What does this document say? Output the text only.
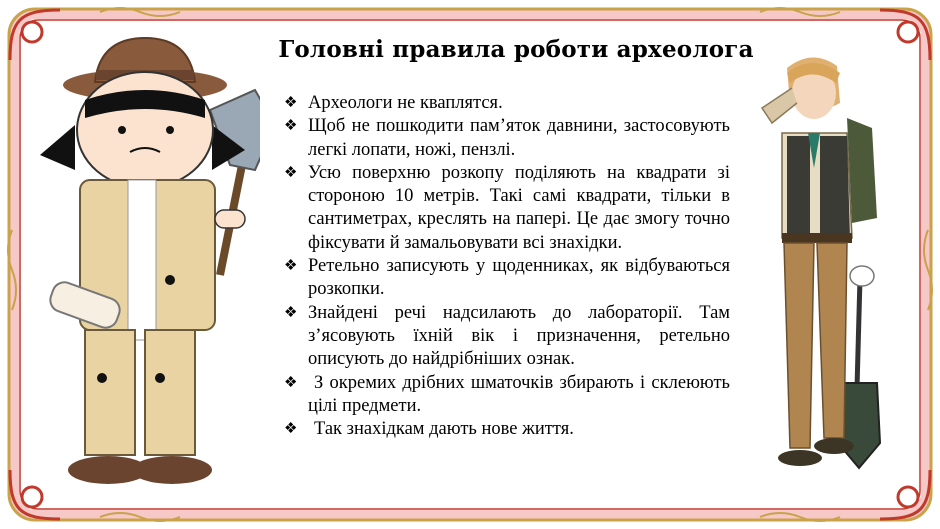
Головні правила роботи археолога
❖ Археологи не кваплятся.
❖ Щоб не пошкодити пам’яток давнини, застосовують легкі лопати, ножі, пензлі.
❖ Усю поверхню розкопу поділяють на квадрати зі стороною 10 метрів. Такі самі квадрати, тільки в сантиметрах, креслять на папері. Це дає змогу точно фіксувати й замальовувати всі знахідки.
❖ Ретельно записують у щоденниках, як відбуваються розкопки.
❖ Знайдені речі надсилають до лабораторії. Там з’ясовують їхній вік і призначення, ретельно описують до найдрібніших ознак.
❖ З окремих дрібних шматочків збирають і склеюють цілі предмети.
❖ Так знахідкам дають нове життя.
